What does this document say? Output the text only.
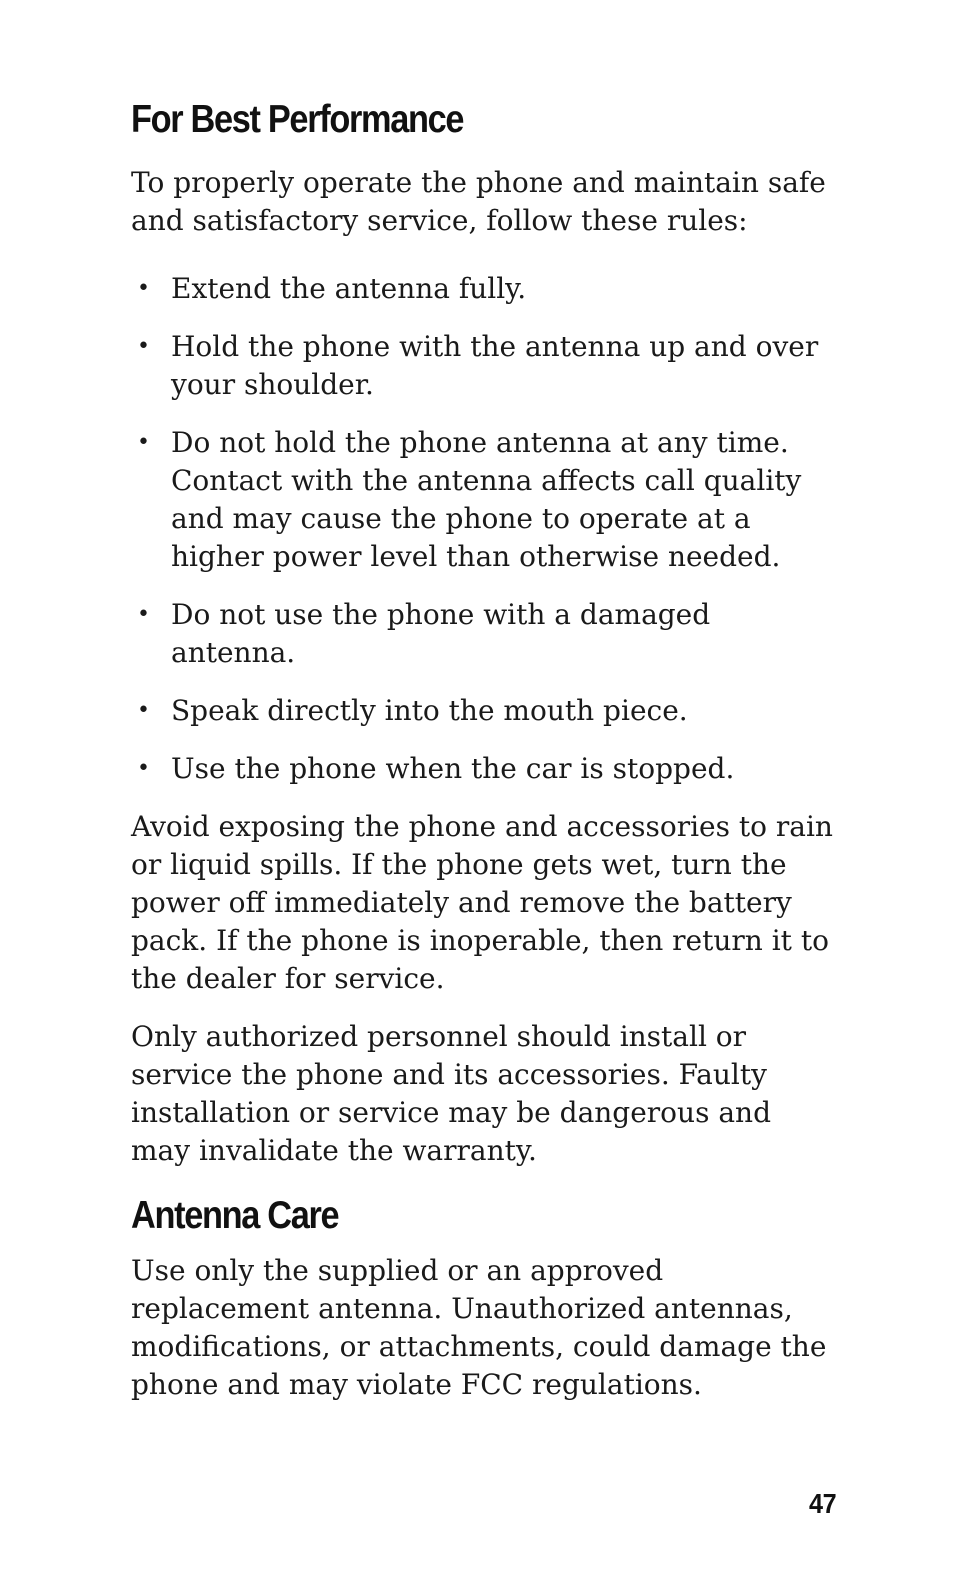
For Best Performance

To properly operate the phone and maintain safe and satisfactory service, follow these rules:

• Extend the antenna fully.
• Hold the phone with the antenna up and over your shoulder.
• Do not hold the phone antenna at any time. Contact with the antenna affects call quality and may cause the phone to operate at a higher power level than otherwise needed.
• Do not use the phone with a damaged antenna.
• Speak directly into the mouth piece.
• Use the phone when the car is stopped.

Avoid exposing the phone and accessories to rain or liquid spills. If the phone gets wet, turn the power off immediately and remove the battery pack. If the phone is inoperable, then return it to the dealer for service.

Only authorized personnel should install or service the phone and its accessories. Faulty installation or service may be dangerous and may invalidate the warranty.

Antenna Care

Use only the supplied or an approved replacement antenna. Unauthorized antennas, modifications, or attachments, could damage the phone and may violate FCC regulations.

47
